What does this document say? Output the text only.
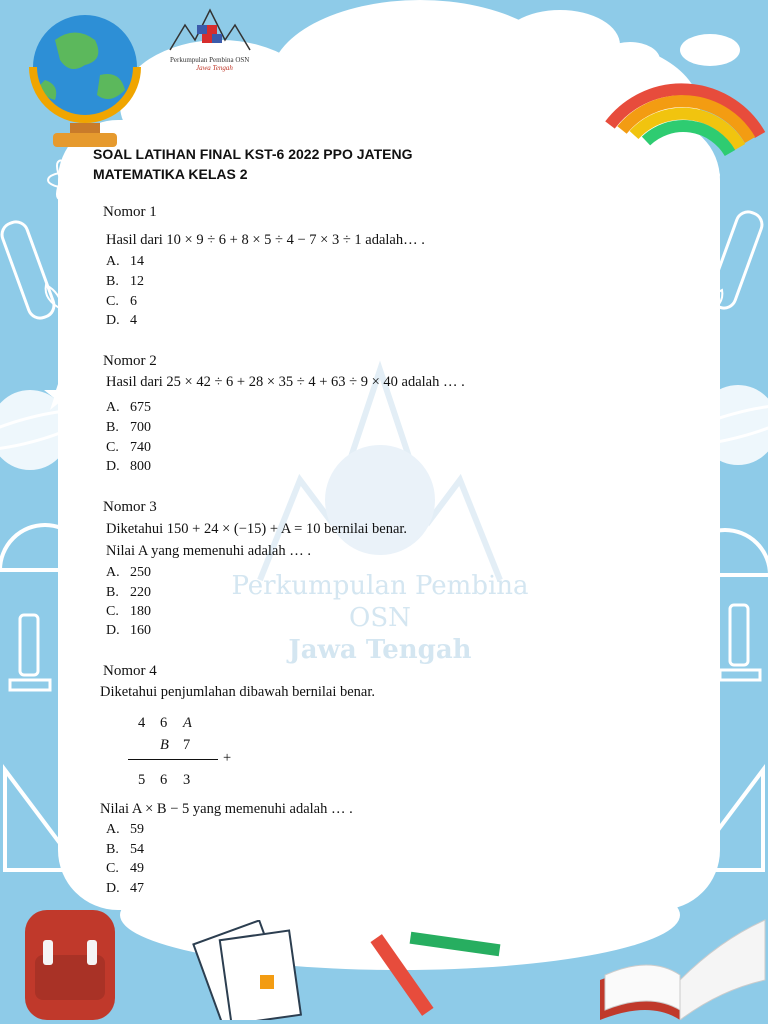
Perkumpulan Pembina OSN
Jawa Tengah
Perkumpulan Pembina OSN
Jawa Tengah
SOAL LATIHAN FINAL KST-6 2022 PPO JATENG
MATEMATIKA KELAS 2
Nomor 1
Hasil dari 10 × 9 ÷ 6 + 8 × 5 ÷ 4 − 7 × 3 ÷ 1 adalah… .
A. 14
B. 12
C. 6
D. 4
Nomor 2
Hasil dari 25 × 42 ÷ 6 + 28 × 35 ÷ 4 + 63 ÷ 9 × 40 adalah … .
A. 675
B. 700
C. 740
D. 800
Nomor 3
Diketahui 150 + 24 × (−15) + A = 10 bernilai benar.
Nilai A yang memenuhi adalah … .
A. 250
B. 220
C. 180
D. 160
Nomor 4
Diketahui penjumlahan dibawah bernilai benar.
4 6 A
B 7
+
5 6 3
Nilai A × B − 5 yang memenuhi adalah … .
A. 59
B. 54
C. 49
D. 47
